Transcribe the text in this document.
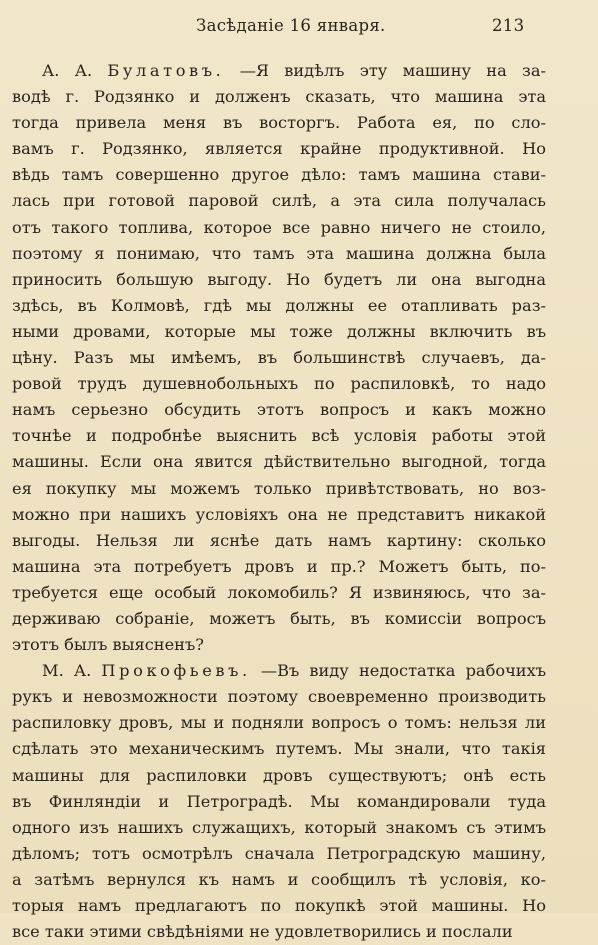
Засѣданіе 16 января.	213
А. А. Булатовъ. —Я видѣлъ эту машину на за-
водѣ г. Родзянко и долженъ сказать, что машина эта
тогда привела меня въ восторгъ. Работа ея, по сло-
вамъ г. Родзянко, является крайне продуктивной. Но
вѣдь тамъ совершенно другое дѣло: тамъ машина стави-
лась при готовой паровой силѣ, а эта сила получалась
отъ такого топлива, которое все равно ничего не стоило,
поэтому я понимаю, что тамъ эта машина должна была
приносить большую выгоду. Но будетъ ли она выгодна
здѣсь, въ Колмовѣ, гдѣ мы должны ее отапливать раз-
ными дровами, которые мы тоже должны включить въ
цѣну. Разъ мы имѣемъ, въ большинствѣ случаевъ, да-
ровой трудъ душевнобольныхъ по распиловкѣ, то надо
намъ серьезно обсудить этотъ вопросъ и какъ можно
точнѣе и подробнѣе выяснить всѣ условія работы этой
машины. Если она явится дѣйствительно выгодной, тогда
ея покупку мы можемъ только привѣтствовать, но воз-
можно при нашихъ условіяхъ она не представитъ никакой
выгоды. Нельзя ли яснѣе дать намъ картину: сколько
машина эта потребуетъ дровъ и пр.? Можетъ быть, по-
требуется еще особый локомобиль? Я извиняюсь, что за-
держиваю собраніе, можетъ быть, въ комиссіи вопросъ
этотъ былъ выясненъ?
М. А. Прокофьевъ. —Въ виду недостатка рабочихъ
рукъ и невозможности поэтому своевременно производить
распиловку дровъ, мы и подняли вопросъ о томъ: нельзя ли
сдѣлать это механическимъ путемъ. Мы знали, что такія
машины для распиловки дровъ существуютъ; онѣ есть
въ Финляндіи и Петроградѣ. Мы командировали туда
одного изъ нашихъ служащихъ, который знакомъ съ этимъ
дѣломъ; тотъ осмотрѣлъ сначала Петроградскую машину,
а затѣмъ вернулся къ намъ и сообщилъ тѣ условія, ко-
торыя намъ предлагаютъ по покупкѣ этой машины. Но
все таки этими свѣдѣніями не удовлетворились и послали
